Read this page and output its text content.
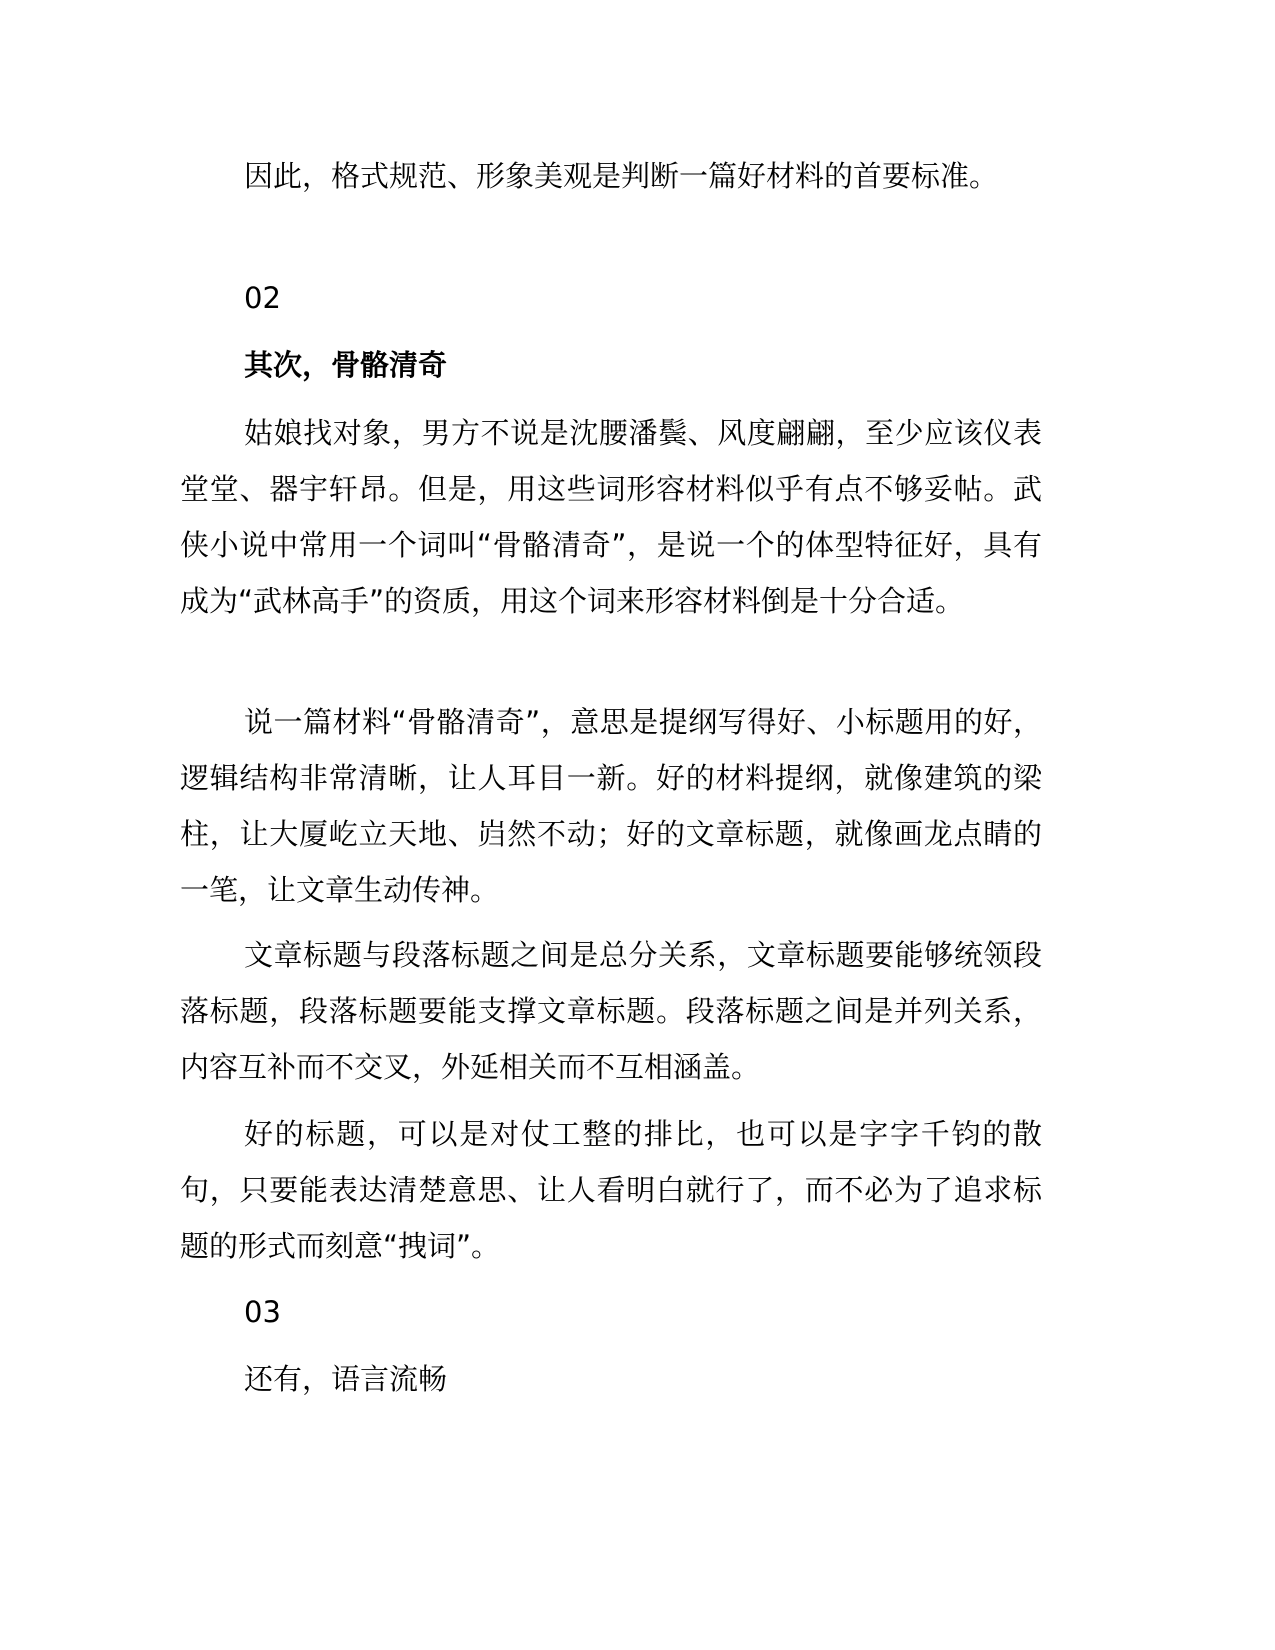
因此，格式规范、形象美观是判断一篇好材料的首要标准。

02

其次，骨骼清奇

姑娘找对象，男方不说是沈腰潘鬓、风度翩翩，至少应该仪表堂堂、器宇轩昂。但是，用这些词形容材料似乎有点不够妥帖。武侠小说中常用一个词叫“骨骼清奇”，是说一个的体型特征好，具有成为“武林高手”的资质，用这个词来形容材料倒是十分合适。

说一篇材料“骨骼清奇”，意思是提纲写得好、小标题用的好，逻辑结构非常清晰，让人耳目一新。好的材料提纲，就像建筑的梁柱，让大厦屹立天地、岿然不动；好的文章标题，就像画龙点睛的一笔，让文章生动传神。

文章标题与段落标题之间是总分关系，文章标题要能够统领段落标题，段落标题要能支撑文章标题。段落标题之间是并列关系，内容互补而不交叉，外延相关而不互相涵盖。

好的标题，可以是对仗工整的排比，也可以是字字千钧的散句，只要能表达清楚意思、让人看明白就行了，而不必为了追求标题的形式而刻意“拽词”。

03

还有，语言流畅
